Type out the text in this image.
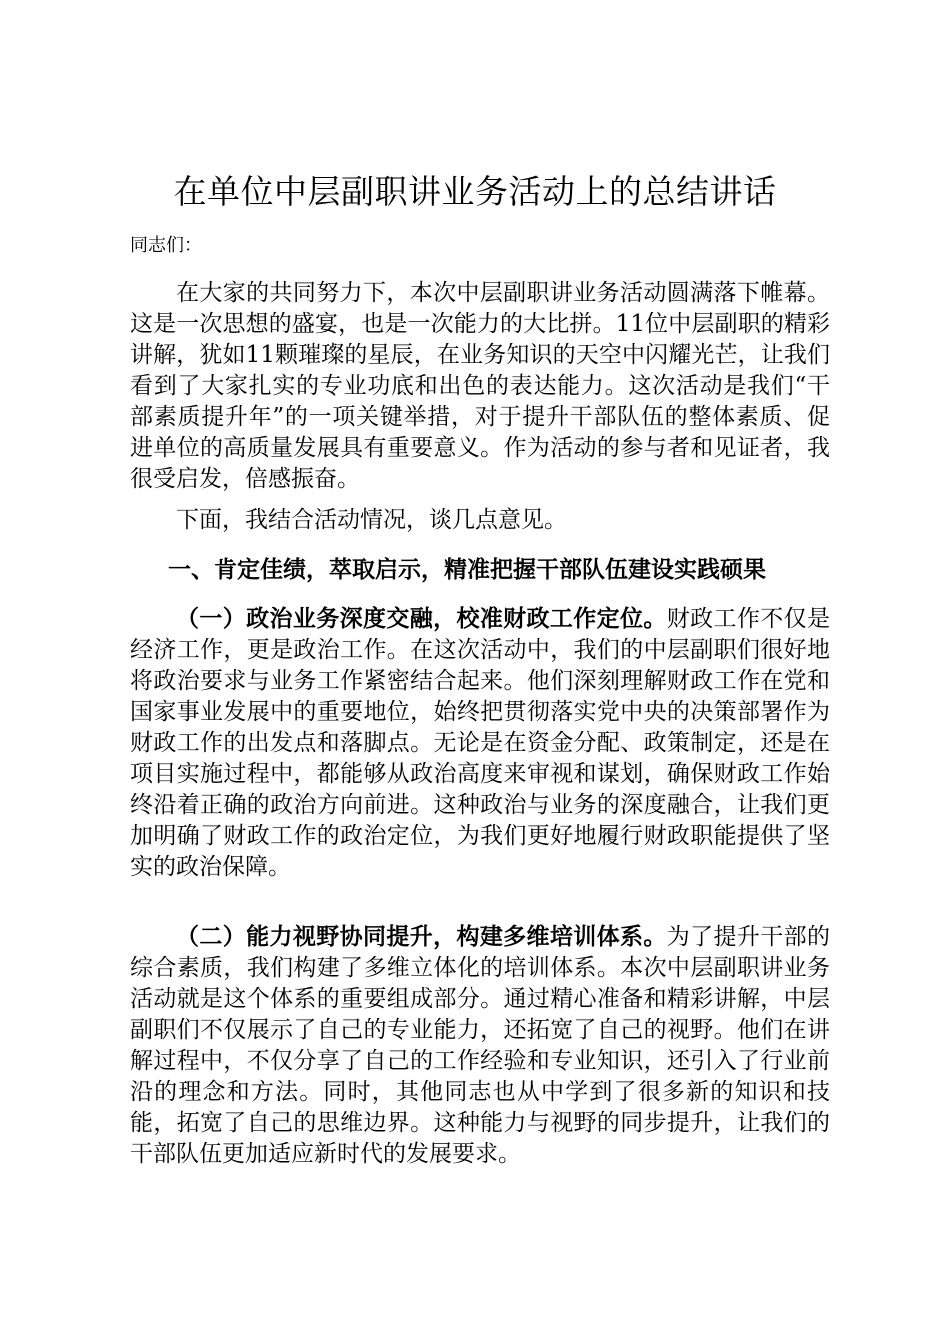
在单位中层副职讲业务活动上的总结讲话
同志们：

在大家的共同努力下，本次中层副职讲业务活动圆满落下帷幕。这是一次思想的盛宴，也是一次能力的大比拼。11位中层副职的精彩讲解，犹如11颗璀璨的星辰，在业务知识的天空中闪耀光芒，让我们看到了大家扎实的专业功底和出色的表达能力。这次活动是我们“干部素质提升年”的一项关键举措，对于提升干部队伍的整体素质、促进单位的高质量发展具有重要意义。作为活动的参与者和见证者，我很受启发，倍感振奋。

下面，我结合活动情况，谈几点意见。

一、肯定佳绩，萃取启示，精准把握干部队伍建设实践硕果

（一）政治业务深度交融，校准财政工作定位。财政工作不仅是经济工作，更是政治工作。在这次活动中，我们的中层副职们很好地将政治要求与业务工作紧密结合起来。他们深刻理解财政工作在党和国家事业发展中的重要地位，始终把贯彻落实党中央的决策部署作为财政工作的出发点和落脚点。无论是在资金分配、政策制定，还是在项目实施过程中，都能够从政治高度来审视和谋划，确保财政工作始终沿着正确的政治方向前进。这种政治与业务的深度融合，让我们更加明确了财政工作的政治定位，为我们更好地履行财政职能提供了坚实的政治保障。

（二）能力视野协同提升，构建多维培训体系。为了提升干部的综合素质，我们构建了多维立体化的培训体系。本次中层副职讲业务活动就是这个体系的重要组成部分。通过精心准备和精彩讲解，中层副职们不仅展示了自己的专业能力，还拓宽了自己的视野。他们在讲解过程中，不仅分享了自己的工作经验和专业知识，还引入了行业前沿的理念和方法。同时，其他同志也从中学到了很多新的知识和技能，拓宽了自己的思维边界。这种能力与视野的同步提升，让我们的干部队伍更加适应新时代的发展要求。
